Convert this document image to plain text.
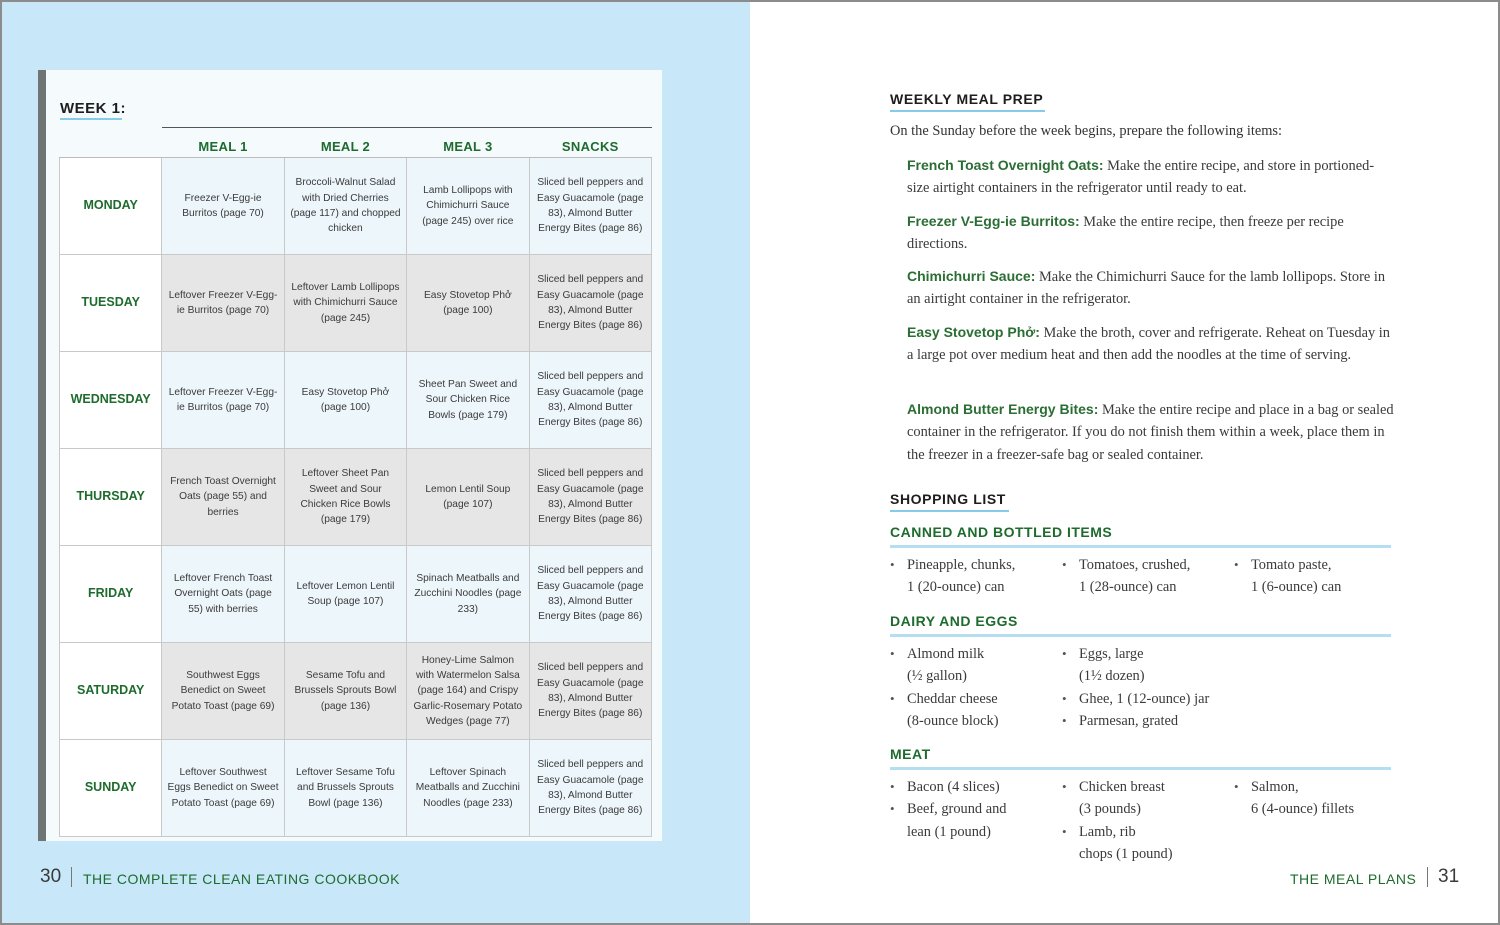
WEEK 1:
	MEAL 1	MEAL 2	MEAL 3	SNACKS
MONDAY	Freezer V-Egg-ie Burritos (page 70)	Broccoli-Walnut Salad with Dried Cherries (page 117) and chopped chicken	Lamb Lollipops with Chimichurri Sauce (page 245) over rice	Sliced bell peppers and Easy Guacamole (page 83), Almond Butter Energy Bites (page 86)
TUESDAY	Leftover Freezer V-Egg-ie Burritos (page 70)	Leftover Lamb Lollipops with Chimichurri Sauce (page 245)	Easy Stovetop Phở (page 100)	Sliced bell peppers and Easy Guacamole (page 83), Almond Butter Energy Bites (page 86)
WEDNESDAY	Leftover Freezer V-Egg-ie Burritos (page 70)	Easy Stovetop Phở (page 100)	Sheet Pan Sweet and Sour Chicken Rice Bowls (page 179)	Sliced bell peppers and Easy Guacamole (page 83), Almond Butter Energy Bites (page 86)
THURSDAY	French Toast Overnight Oats (page 55) and berries	Leftover Sheet Pan Sweet and Sour Chicken Rice Bowls (page 179)	Lemon Lentil Soup (page 107)	Sliced bell peppers and Easy Guacamole (page 83), Almond Butter Energy Bites (page 86)
FRIDAY	Leftover French Toast Overnight Oats (page 55) with berries	Leftover Lemon Lentil Soup (page 107)	Spinach Meatballs and Zucchini Noodles (page 233)	Sliced bell peppers and Easy Guacamole (page 83), Almond Butter Energy Bites (page 86)
SATURDAY	Southwest Eggs Benedict on Sweet Potato Toast (page 69)	Sesame Tofu and Brussels Sprouts Bowl (page 136)	Honey-Lime Salmon with Watermelon Salsa (page 164) and Crispy Garlic-Rosemary Potato Wedges (page 77)	Sliced bell peppers and Easy Guacamole (page 83), Almond Butter Energy Bites (page 86)
SUNDAY	Leftover Southwest Eggs Benedict on Sweet Potato Toast (page 69)	Leftover Sesame Tofu and Brussels Sprouts Bowl (page 136)	Leftover Spinach Meatballs and Zucchini Noodles (page 233)	Sliced bell peppers and Easy Guacamole (page 83), Almond Butter Energy Bites (page 86)
30 THE COMPLETE CLEAN EATING COOKBOOK
WEEKLY MEAL PREP
On the Sunday before the week begins, prepare the following items:
French Toast Overnight Oats: Make the entire recipe, and store in portioned-size airtight containers in the refrigerator until ready to eat.
Freezer V-Egg-ie Burritos: Make the entire recipe, then freeze per recipe directions.
Chimichurri Sauce: Make the Chimichurri Sauce for the lamb lollipops. Store in an airtight container in the refrigerator.
Easy Stovetop Phở: Make the broth, cover and refrigerate. Reheat on Tuesday in a large pot over medium heat and then add the noodles at the time of serving.
Almond Butter Energy Bites: Make the entire recipe and place in a bag or sealed container in the refrigerator. If you do not finish them within a week, place them in the freezer in a freezer-safe bag or sealed container.
SHOPPING LIST
CANNED AND BOTTLED ITEMS
• Pineapple, chunks,
1 (20-ounce) can
• Tomatoes, crushed,
1 (28-ounce) can
• Tomato paste,
1 (6-ounce) can
DAIRY AND EGGS
• Almond milk
(½ gallon)
• Cheddar cheese
(8-ounce block)
• Eggs, large
(1½ dozen)
• Ghee, 1 (12-ounce) jar
• Parmesan, grated
MEAT
• Bacon (4 slices)
• Beef, ground and
lean (1 pound)
• Chicken breast
(3 pounds)
• Lamb, rib
chops (1 pound)
• Salmon,
6 (4-ounce) fillets
THE MEAL PLANS 31
